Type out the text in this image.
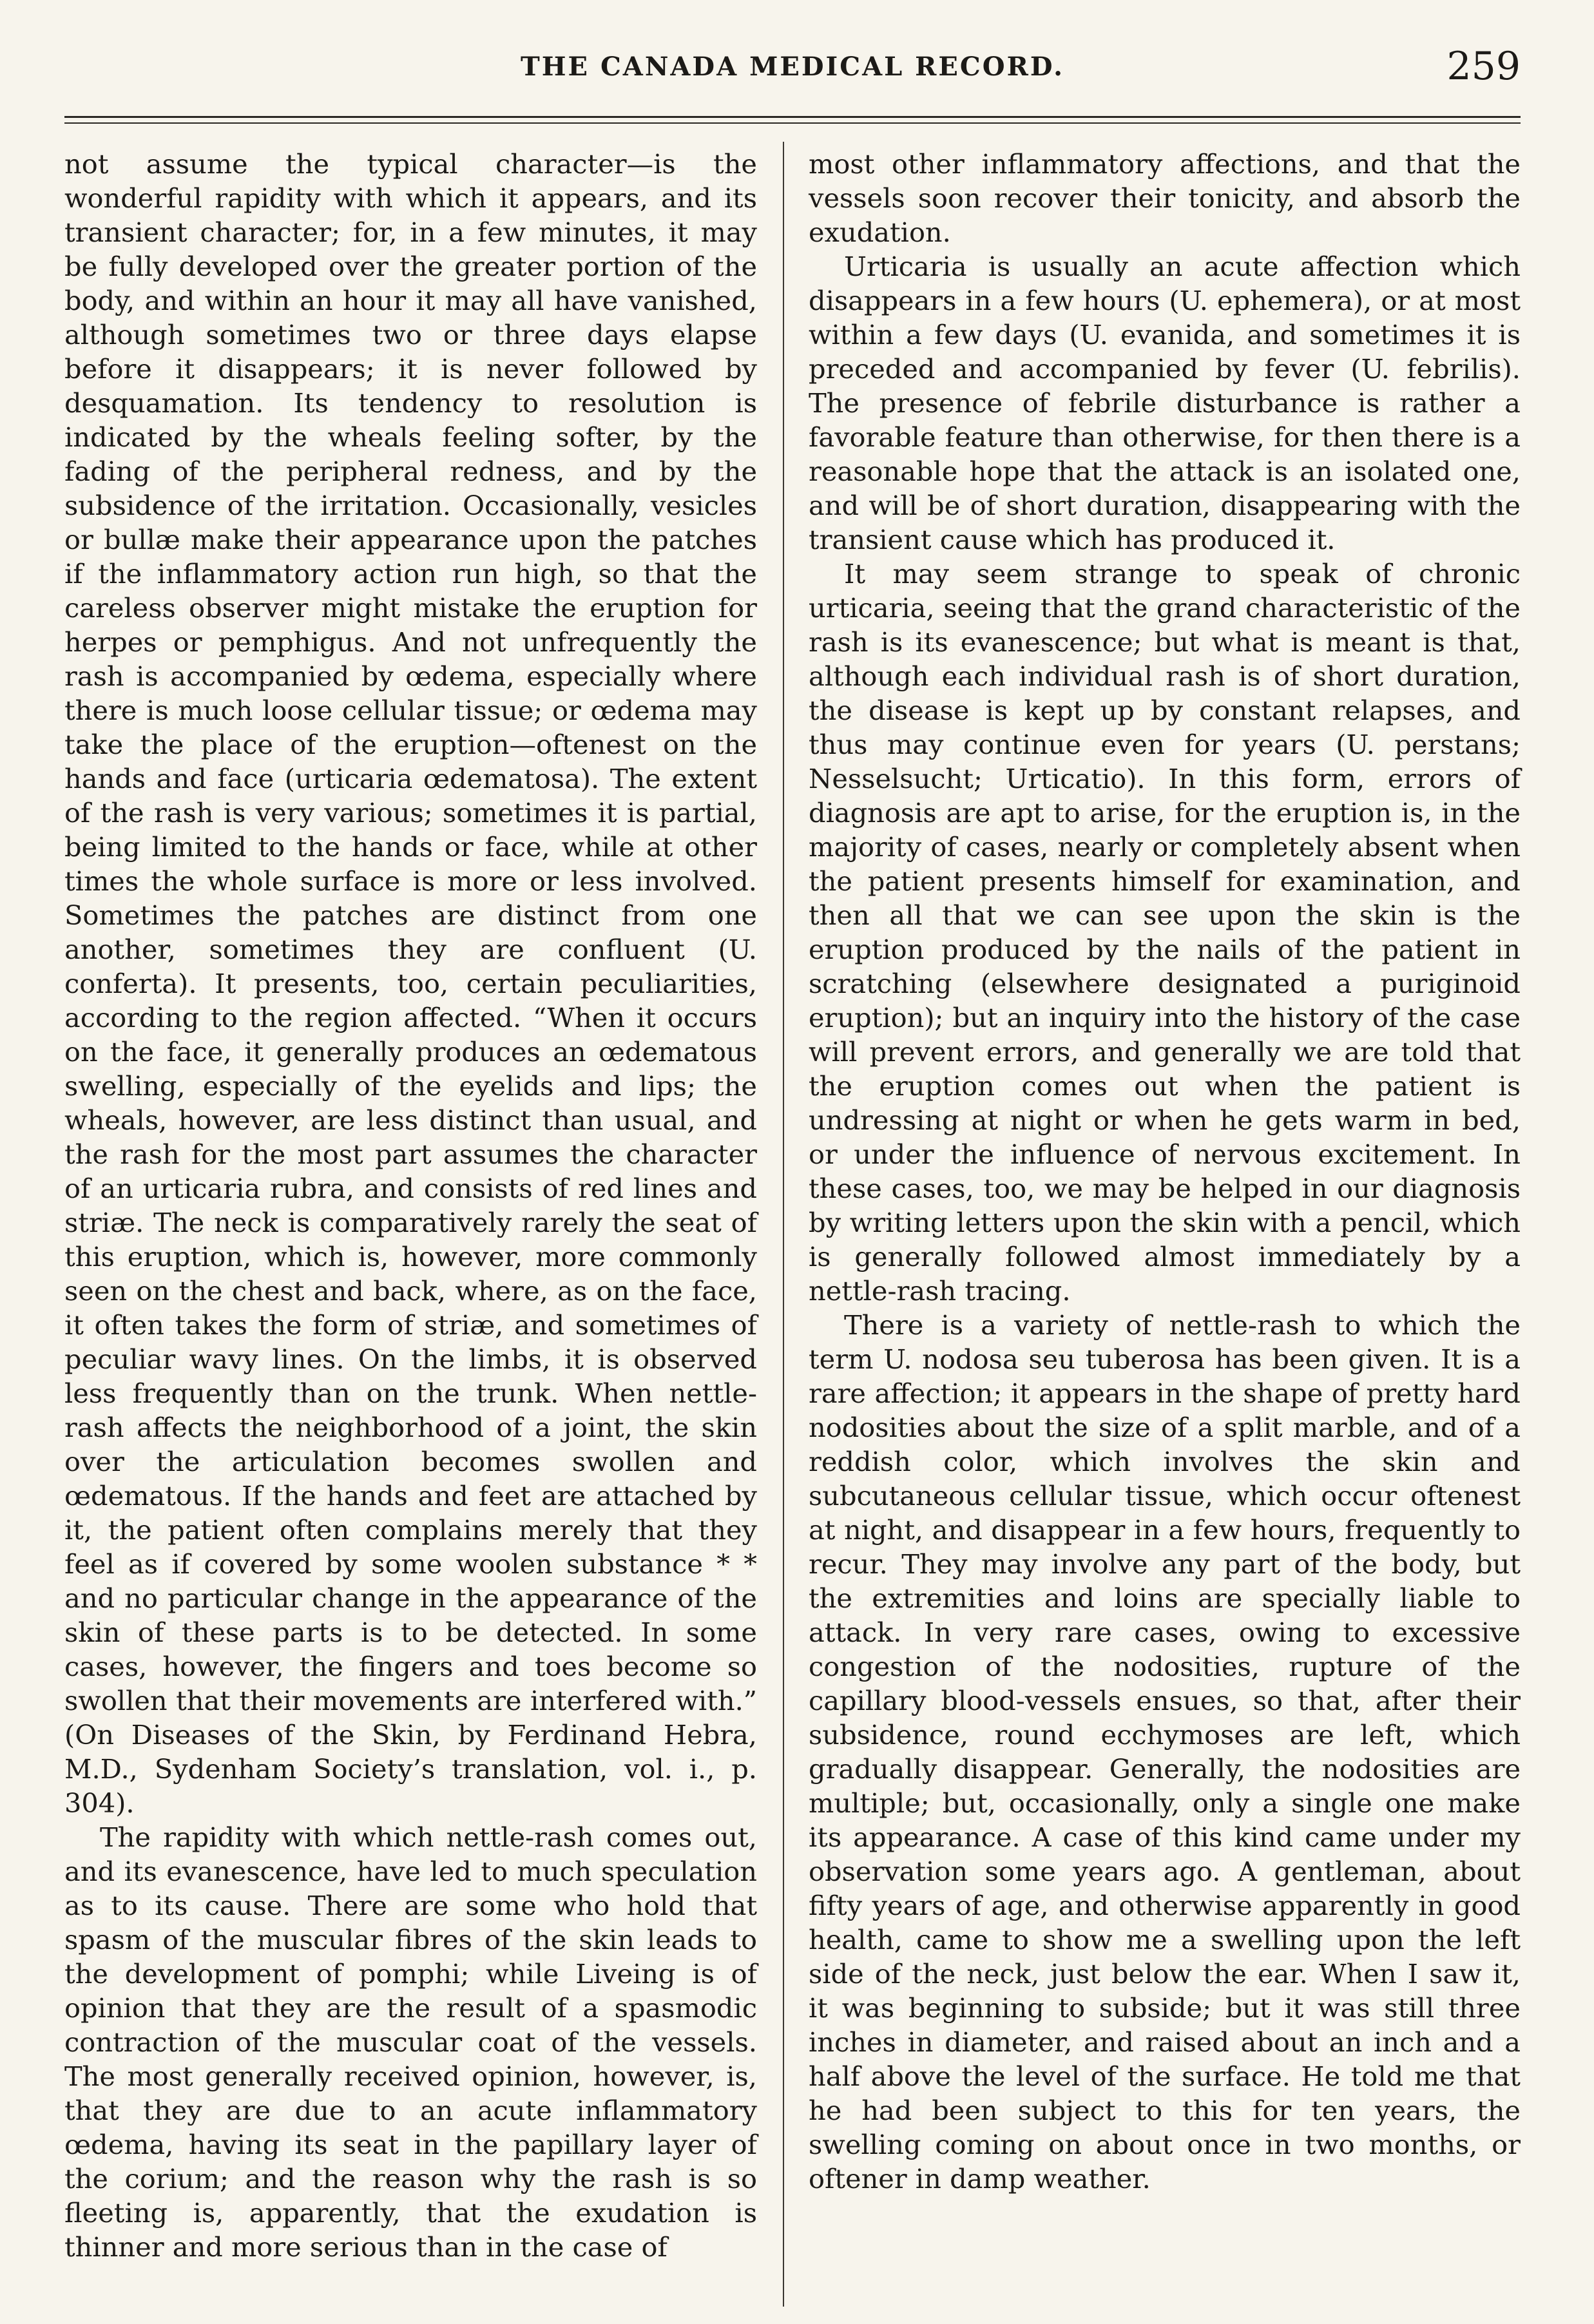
THE CANADA MEDICAL RECORD.	259

not assume the typical character—is the wonderful rapidity with which it appears, and its transient character; for, in a few minutes, it may be fully developed over the greater portion of the body, and within an hour it may all have vanished, although sometimes two or three days elapse before it disappears; it is never followed by desquamation. Its tendency to resolution is indicated by the wheals feeling softer, by the fading of the peripheral redness, and by the subsidence of the irritation. Occasionally, vesicles or bullæ make their appearance upon the patches if the inflammatory action run high, so that the careless observer might mistake the eruption for herpes or pemphigus. And not unfrequently the rash is accompanied by œdema, especially where there is much loose cellular tissue; or œdema may take the place of the eruption—oftenest on the hands and face (urticaria œdematosa). The extent of the rash is very various; sometimes it is partial, being limited to the hands or face, while at other times the whole surface is more or less involved. Sometimes the patches are distinct from one another, sometimes they are confluent (U. conferta). It presents, too, certain peculiarities, according to the region affected. “When it occurs on the face, it generally produces an œdematous swelling, especially of the eyelids and lips; the wheals, however, are less distinct than usual, and the rash for the most part assumes the character of an urticaria rubra, and consists of red lines and striæ. The neck is comparatively rarely the seat of this eruption, which is, however, more commonly seen on the chest and back, where, as on the face, it often takes the form of striæ, and sometimes of peculiar wavy lines. On the limbs, it is observed less frequently than on the trunk. When nettle-rash affects the neighborhood of a joint, the skin over the articulation becomes swollen and œdematous. If the hands and feet are attached by it, the patient often complains merely that they feel as if covered by some woolen substance * * and no particular change in the appearance of the skin of these parts is to be detected. In some cases, however, the fingers and toes become so swollen that their movements are interfered with.” (On Diseases of the Skin, by Ferdinand Hebra, M.D., Sydenham Society’s translation, vol. i., p. 304).

The rapidity with which nettle-rash comes out, and its evanescence, have led to much speculation as to its cause. There are some who hold that spasm of the muscular fibres of the skin leads to the development of pomphi; while Liveing is of opinion that they are the result of a spasmodic contraction of the muscular coat of the vessels. The most generally received opinion, however, is, that they are due to an acute inflammatory œdema, having its seat in the papillary layer of the corium; and the reason why the rash is so fleeting is, apparently, that the exudation is thinner and more serious than in the case of

most other inflammatory affections, and that the vessels soon recover their tonicity, and absorb the exudation.

Urticaria is usually an acute affection which disappears in a few hours (U. ephemera), or at most within a few days (U. evanida, and sometimes it is preceded and accompanied by fever (U. febrilis). The presence of febrile disturbance is rather a favorable feature than otherwise, for then there is a reasonable hope that the attack is an isolated one, and will be of short duration, disappearing with the transient cause which has produced it.

It may seem strange to speak of chronic urticaria, seeing that the grand characteristic of the rash is its evanescence; but what is meant is that, although each individual rash is of short duration, the disease is kept up by constant relapses, and thus may continue even for years (U. perstans; Nesselsucht; Urticatio). In this form, errors of diagnosis are apt to arise, for the eruption is, in the majority of cases, nearly or completely absent when the patient presents himself for examination, and then all that we can see upon the skin is the eruption produced by the nails of the patient in scratching (elsewhere designated a puriginoid eruption); but an inquiry into the history of the case will prevent errors, and generally we are told that the eruption comes out when the patient is undressing at night or when he gets warm in bed, or under the influence of nervous excitement. In these cases, too, we may be helped in our diagnosis by writing letters upon the skin with a pencil, which is generally followed almost immediately by a nettle-rash tracing.

There is a variety of nettle-rash to which the term U. nodosa seu tuberosa has been given. It is a rare affection; it appears in the shape of pretty hard nodosities about the size of a split marble, and of a reddish color, which involves the skin and subcutaneous cellular tissue, which occur oftenest at night, and disappear in a few hours, frequently to recur. They may involve any part of the body, but the extremities and loins are specially liable to attack. In very rare cases, owing to excessive congestion of the nodosities, rupture of the capillary blood-vessels ensues, so that, after their subsidence, round ecchymoses are left, which gradually disappear. Generally, the nodosities are multiple; but, occasionally, only a single one make its appearance. A case of this kind came under my observation some years ago. A gentleman, about fifty years of age, and otherwise apparently in good health, came to show me a swelling upon the left side of the neck, just below the ear. When I saw it, it was beginning to subside; but it was still three inches in diameter, and raised about an inch and a half above the level of the surface. He told me that he had been subject to this for ten years, the swelling coming on about once in two months, or oftener in damp weather.
